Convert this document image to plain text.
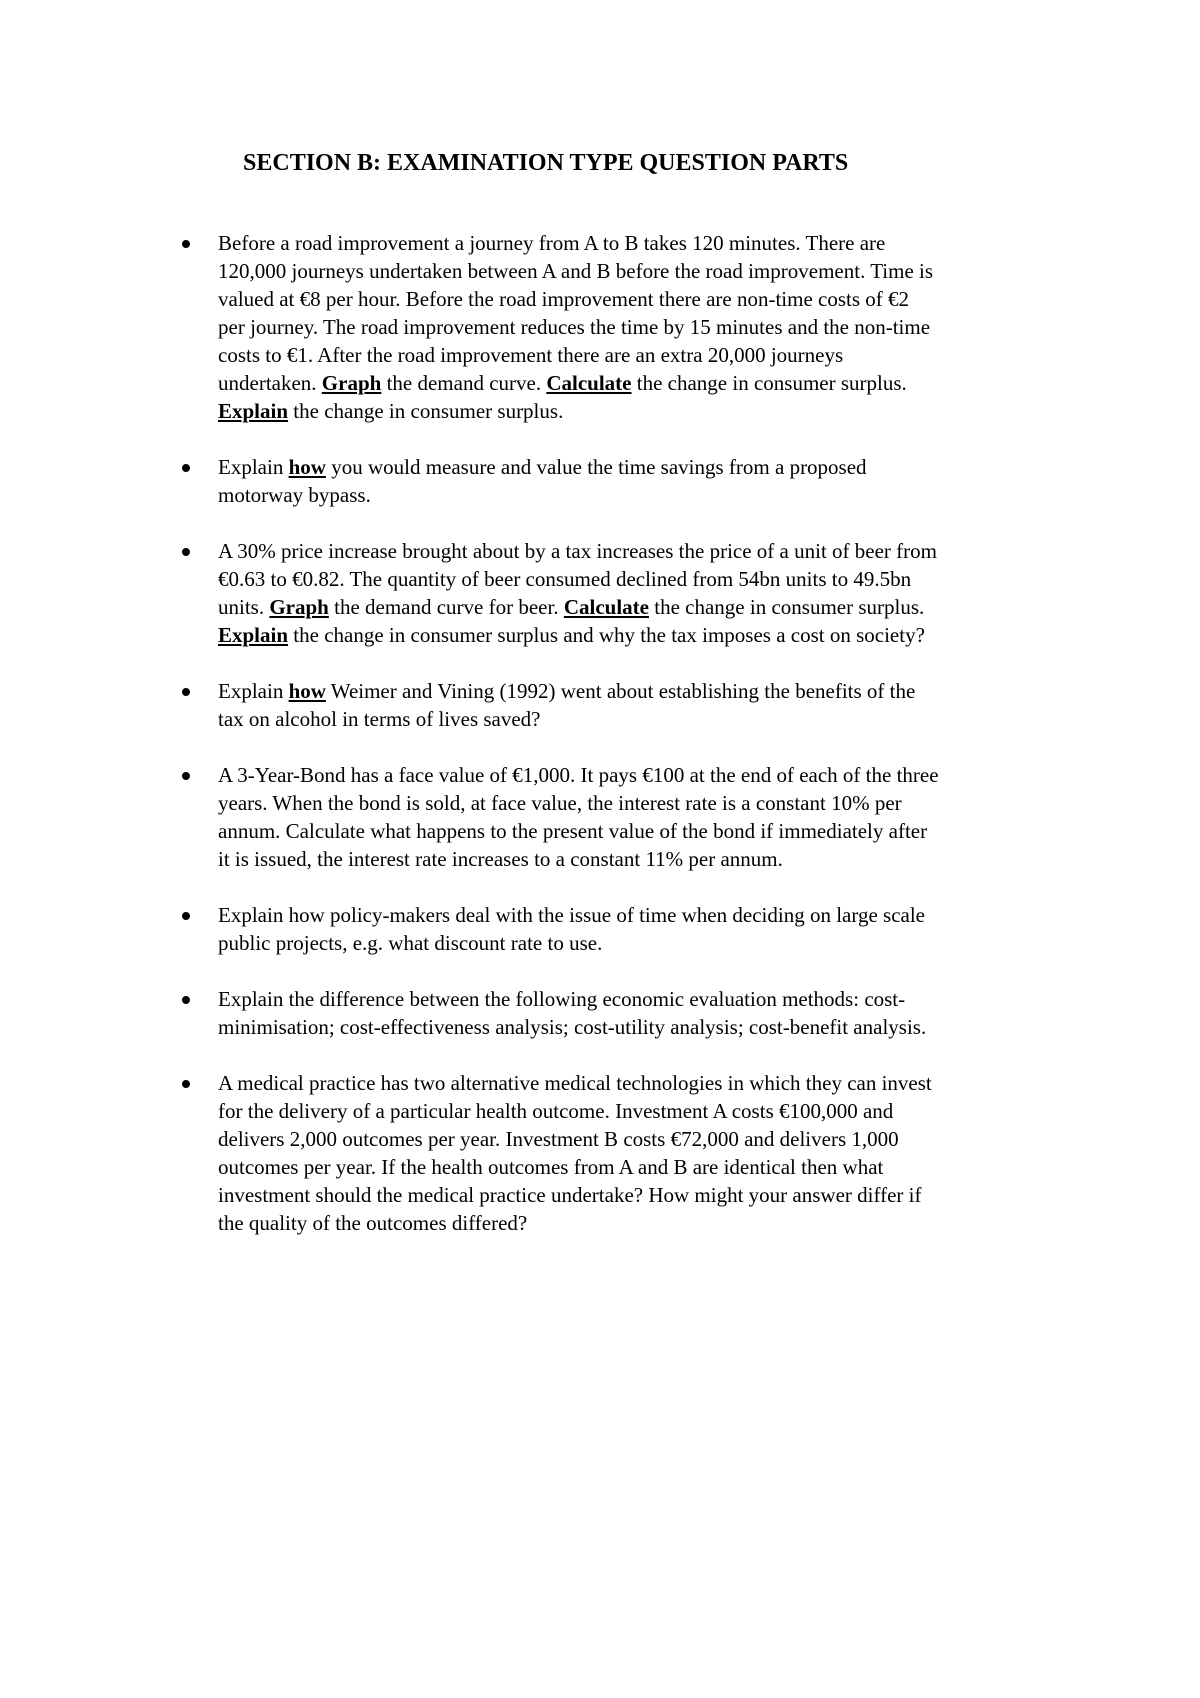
SECTION B: EXAMINATION TYPE QUESTION PARTS
Before a road improvement a journey from A to B takes 120 minutes. There are
120,000 journeys undertaken between A and B before the road improvement. Time is
valued at €8 per hour. Before the road improvement there are non-time costs of €2
per journey. The road improvement reduces the time by 15 minutes and the non-time
costs to €1. After the road improvement there are an extra 20,000 journeys
undertaken. Graph the demand curve. Calculate the change in consumer surplus.
Explain the change in consumer surplus.
Explain how you would measure and value the time savings from a proposed
motorway bypass.
A 30% price increase brought about by a tax increases the price of a unit of beer from
€0.63 to €0.82. The quantity of beer consumed declined from 54bn units to 49.5bn
units. Graph the demand curve for beer. Calculate the change in consumer surplus.
Explain the change in consumer surplus and why the tax imposes a cost on society?
Explain how Weimer and Vining (1992) went about establishing the benefits of the
tax on alcohol in terms of lives saved?
A 3-Year-Bond has a face value of €1,000. It pays €100 at the end of each of the three
years. When the bond is sold, at face value, the interest rate is a constant 10% per
annum. Calculate what happens to the present value of the bond if immediately after
it is issued, the interest rate increases to a constant 11% per annum.
Explain how policy-makers deal with the issue of time when deciding on large scale
public projects, e.g. what discount rate to use.
Explain the difference between the following economic evaluation methods: cost-
minimisation; cost-effectiveness analysis; cost-utility analysis; cost-benefit analysis.
A medical practice has two alternative medical technologies in which they can invest
for the delivery of a particular health outcome. Investment A costs €100,000 and
delivers 2,000 outcomes per year. Investment B costs €72,000 and delivers 1,000
outcomes per year. If the health outcomes from A and B are identical then what
investment should the medical practice undertake? How might your answer differ if
the quality of the outcomes differed?
